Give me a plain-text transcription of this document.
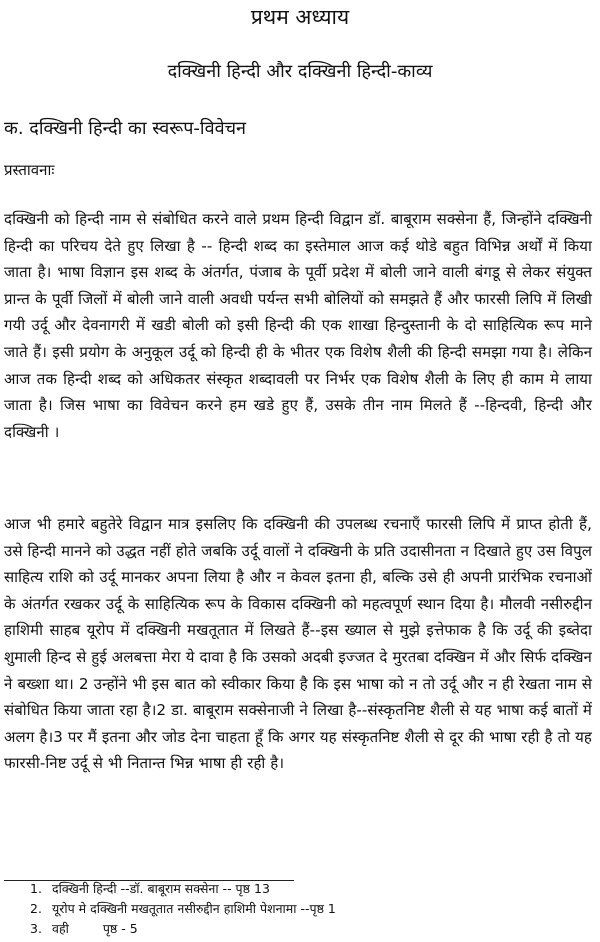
प्रथम अध्याय
दक्खिनी हिन्दी और दक्खिनी हिन्दी-काव्य
क. दक्खिनी हिन्दी का स्वरूप-विवेचन

प्रस्तावनाः

दक्खिनी को हिन्दी नाम से संबोधित करने वाले प्रथम हिन्दी विद्वान डॉ. बाबूराम सक्सेना हैं, जिन्होंने दक्खिनी हिन्दी का परिचय देते हुए लिखा है -- हिन्दी शब्द का इस्तेमाल आज कई थोडे बहुत विभिन्न अर्थों में किया जाता है। भाषा विज्ञान इस शब्द के अंतर्गत, पंजाब के पूर्वी प्रदेश में बोली जाने वाली बंगडू से लेकर संयुक्त प्रान्त के पूर्वी जिलों में बोली जाने वाली अवधी पर्यन्त सभी बोलियों को समझते हैं और फारसी लिपि में लिखी गयी उर्दू और देवनागरी में खडी बोली को इसी हिन्दी की एक शाखा हिन्दुस्तानी के दो साहित्यिक रूप माने जाते हैं। इसी प्रयोग के अनुकूल उर्दू को हिन्दी ही के भीतर एक विशेष शैली की हिन्दी समझा गया है। लेकिन आज तक हिन्दी शब्द को अधिकतर संस्कृत शब्दावली पर निर्भर एक विशेष शैली के लिए ही काम मे लाया जाता है। जिस भाषा का विवेचन करने हम खडे हुए हैं, उसके तीन नाम मिलते हैं --हिन्दवी, हिन्दी और दक्खिनी ।

आज भी हमारे बहुतेरे विद्वान मात्र इसलिए कि दक्खिनी की उपलब्ध रचनाएँ फारसी लिपि में प्राप्त होती हैं, उसे हिन्दी मानने को उद्धत नहीं होते जबकि उर्दू वालों ने दक्खिनी के प्रति उदासीनता न दिखाते हुए उस विपुल साहित्य राशि को उर्दू मानकर अपना लिया है और न केवल इतना ही, बल्कि उसे ही अपनी प्रारंभिक रचनाओं के अंतर्गत रखकर उर्दू के साहित्यिक रूप के विकास दक्खिनी को महत्वपूर्ण स्थान दिया है। मौलवी नसीरुद्दीन हाशिमी साहब यूरोप में दक्खिनी मखतूतात में लिखते हैं--इस ख्याल से मुझे इत्तेफाक है कि उर्दू की इब्तेदा शुमाली हिन्द से हुई अलबत्ता मेरा ये दावा है कि उसको अदबी इज्जत दे मुरतबा दक्खिन में और सिर्फ दक्खिन ने बख्शा था। 2 उन्होंने भी इस बात को स्वीकार किया है कि इस भाषा को न तो उर्दू और न ही रेखता नाम से संबोधित किया जाता रहा है।2 डा. बाबूराम सक्सेनाजी ने लिखा है--संस्कृतनिष्ट शैली से यह भाषा कई बातों में अलग है।3 पर मैं इतना और जोड देना चाहता हूँ कि अगर यह संस्कृतनिष्ट शैली से दूर की भाषा रही है तो यह फारसी-निष्ट उर्दू से भी नितान्त भिन्न भाषा ही रही है।

1. दक्खिनी हिन्दी --डॉ. बाबूराम सक्सेना -- पृष्ठ 13
2. यूरोप मे दक्खिनी मखतूतात नसीरुद्दीन हाशिमी पेशनामा --पृष्ठ 1
3. वही	पृष्ठ - 5
